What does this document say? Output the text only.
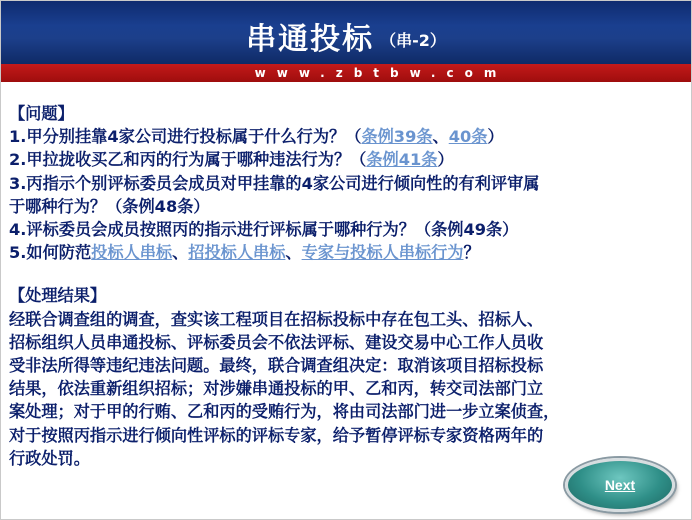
串通投标 （串-2）
www.zbtbw.com
【问题】
1.甲分别挂靠4家公司进行投标属于什么行为？（条例39条、40条）
2.甲拉拢收买乙和丙的行为属于哪种违法行为？（条例41条）
3.丙指示个别评标委员会成员对甲挂靠的4家公司进行倾向性的有利评审属
于哪种行为？（条例48条）
4.评标委员会成员按照丙的指示进行评标属于哪种行为？（条例49条）
5.如何防范投标人串标、招投标人串标、专家与投标人串标行为？
【处理结果】
经联合调查组的调查，查实该工程项目在招标投标中存在包工头、招标人、
招标组织人员串通投标、评标委员会不依法评标、建设交易中心工作人员收
受非法所得等违纪违法问题。最终，联合调查组决定：取消该项目招标投标
结果，依法重新组织招标；对涉嫌串通投标的甲、乙和丙，转交司法部门立
案处理；对于甲的行贿、乙和丙的受贿行为，将由司法部门进一步立案侦查，
对于按照丙指示进行倾向性评标的评标专家，给予暂停评标专家资格两年的
行政处罚。
Next
